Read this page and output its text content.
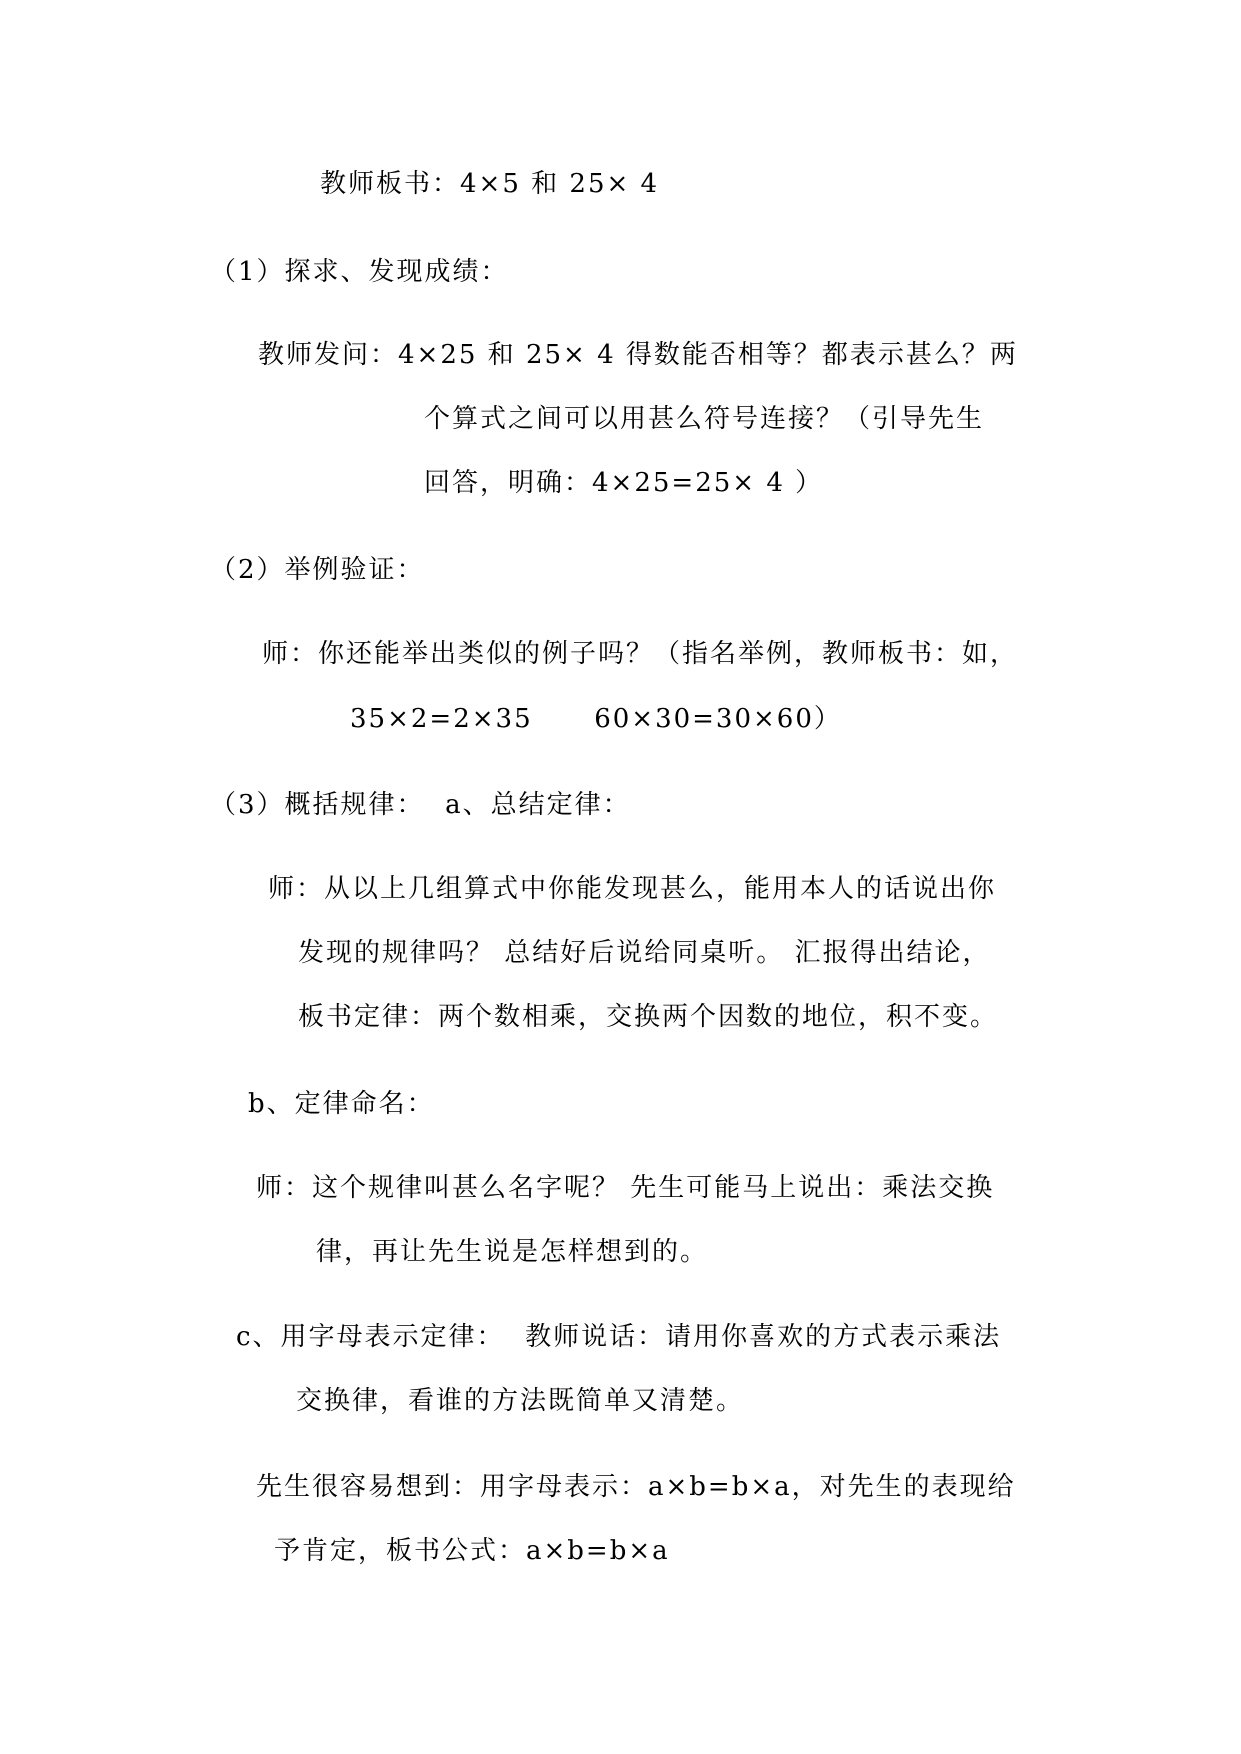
教师板书：4×5 和 25× 4
（1）探求、发现成绩：
教师发问：4×25 和 25× 4 得数能否相等？都表示甚么？两
个算式之间可以用甚么符号连接？（引导先生
回答，明确：4×25=25× 4 ）
（2）举例验证：
师：你还能举出类似的例子吗？（指名举例，教师板书：如，
35×2=2×35      60×30=30×60）
（3）概括规律：  a、总结定律：
师：从以上几组算式中你能发现甚么，能用本人的话说出你
发现的规律吗？ 总结好后说给同桌听。 汇报得出结论，
板书定律：两个数相乘，交换两个因数的地位，积不变。
b、定律命名：
师：这个规律叫甚么名字呢？ 先生可能马上说出：乘法交换
律，再让先生说是怎样想到的。
c、用字母表示定律：  教师说话：请用你喜欢的方式表示乘法
交换律，看谁的方法既简单又清楚。
先生很容易想到：用字母表示：a×b=b×a，对先生的表现给
予肯定，板书公式：a×b=b×a
